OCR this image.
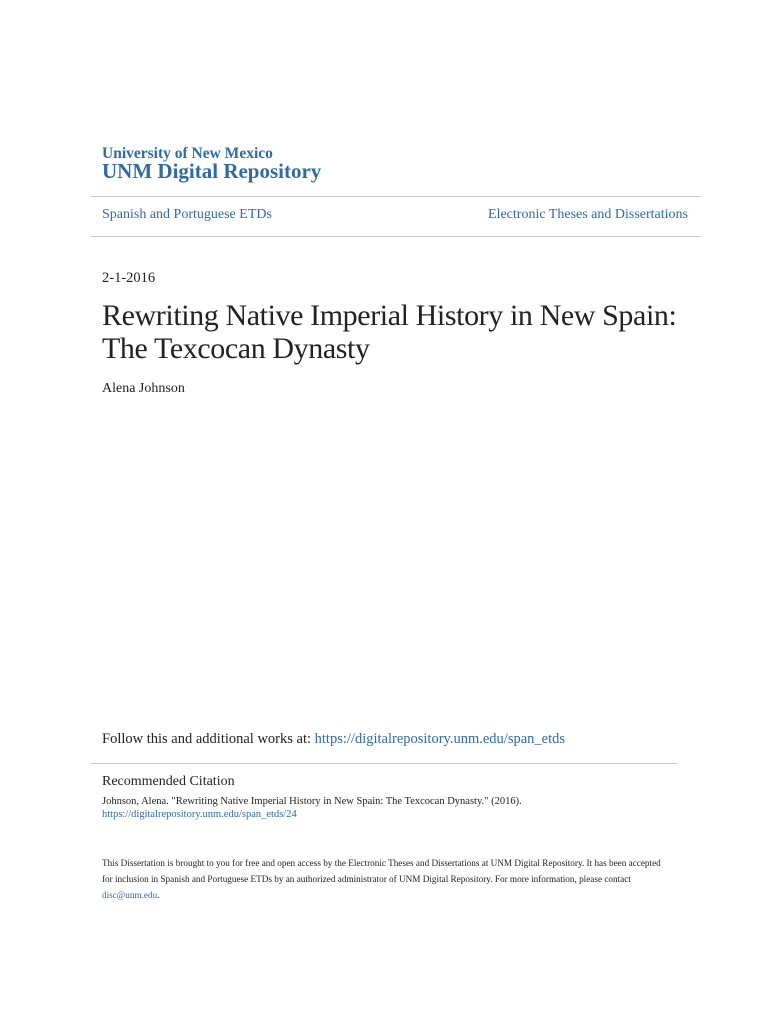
University of New Mexico
UNM Digital Repository
Spanish and Portuguese ETDs	Electronic Theses and Dissertations
2-1-2016
Rewriting Native Imperial History in New Spain:
The Texcocan Dynasty
Alena Johnson
Follow this and additional works at: https://digitalrepository.unm.edu/span_etds
Recommended Citation
Johnson, Alena. "Rewriting Native Imperial History in New Spain: The Texcocan Dynasty." (2016).
https://digitalrepository.unm.edu/span_etds/24
This Dissertation is brought to you for free and open access by the Electronic Theses and Dissertations at UNM Digital Repository. It has been accepted for inclusion in Spanish and Portuguese ETDs by an authorized administrator of UNM Digital Repository. For more information, please contact disc@unm.edu.
